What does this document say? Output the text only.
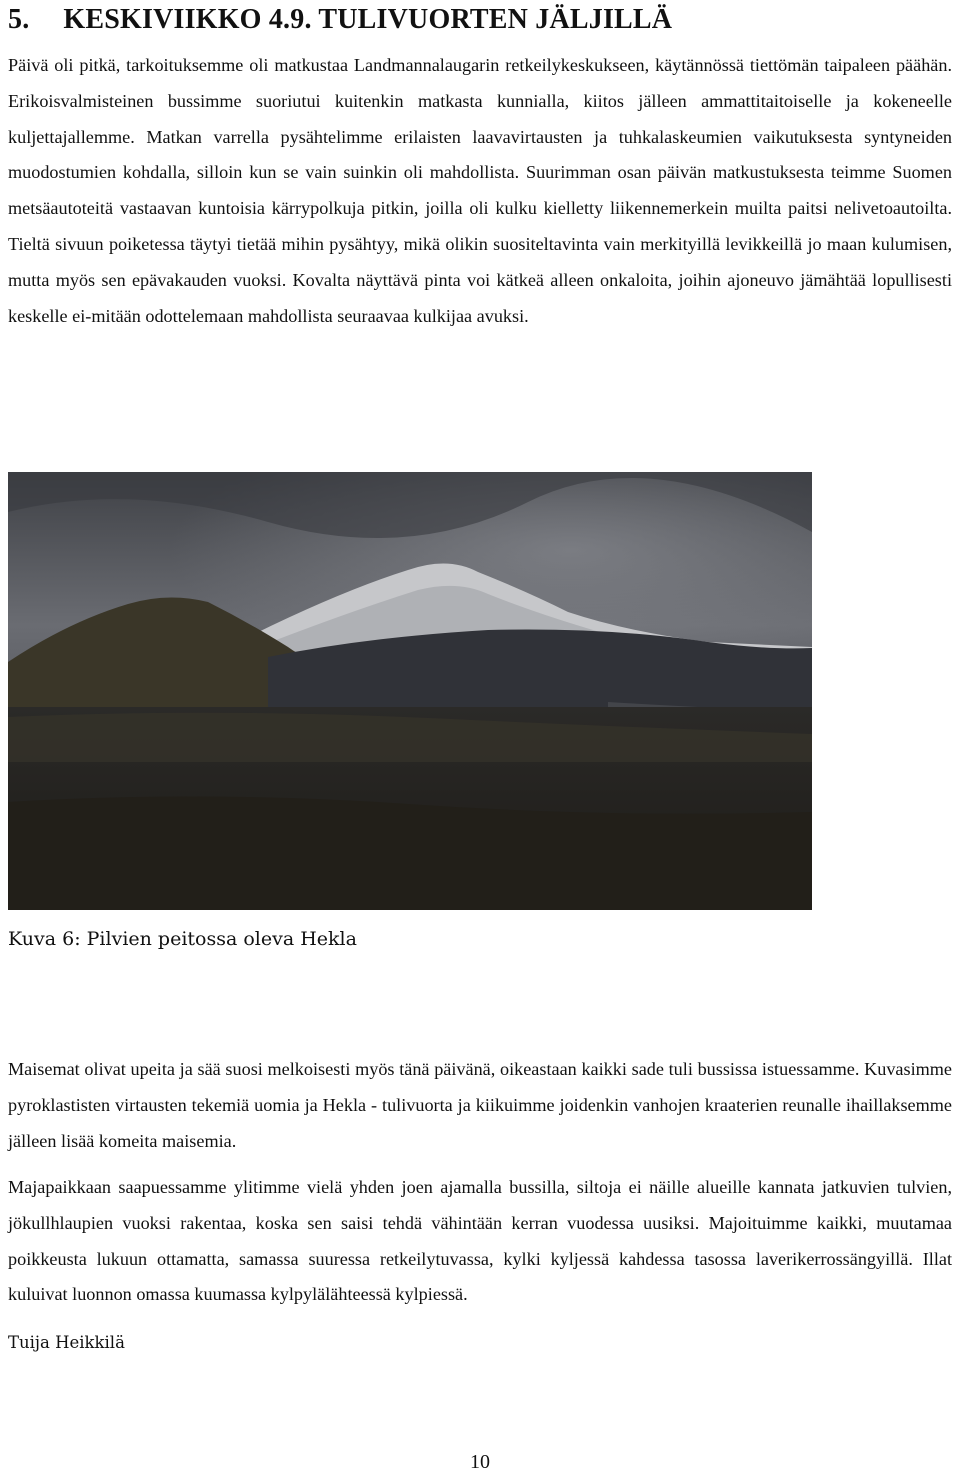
5. KESKIVIIKKO 4.9. TULIVUORTEN JÄLJILLÄ

Päivä oli pitkä, tarkoituksemme oli matkustaa Landmannalaugarin retkeilykeskukseen, käytännössä tiettömän taipaleen päähän. Erikoisvalmisteinen bussimme suoriutui kuitenkin matkasta kunnialla, kiitos jälleen ammattitaitoiselle ja kokeneelle kuljettajallemme. Matkan varrella pysähtelimme erilaisten laavavirtausten ja tuhkalaskeumien vaikutuksesta syntyneiden muodostumien kohdalla, silloin kun se vain suinkin oli mahdollista. Suurimman osan päivän matkustuksesta teimme Suomen metsäautoteitä vastaavan kuntoisia kärrypolkuja pitkin, joilla oli kulku kielletty liikennemerkein muilta paitsi nelivetoautoilta. Tieltä sivuun poiketessa täytyi tietää mihin pysähtyy, mikä olikin suositeltavinta vain merkityillä levikkeillä jo maan kulumisen, mutta myös sen epävakauden vuoksi. Kovalta näyttävä pinta voi kätkeä alleen onkaloita, joihin ajoneuvo jämähtää lopullisesti keskelle ei-mitään odottelemaan mahdollista seuraavaa kulkijaa avuksi.

Kuva 6: Pilvien peitossa oleva Hekla

Maisemat olivat upeita ja sää suosi melkoisesti myös tänä päivänä, oikeastaan kaikki sade tuli bussissa istuessamme. Kuvasimme pyroklastisten virtausten tekemiä uomia ja Hekla - tulivuorta ja kiikuimme joidenkin vanhojen kraaterien reunalle ihaillaksemme jälleen lisää komeita maisemia.

Majapaikkaan saapuessamme ylitimme vielä yhden joen ajamalla bussilla, siltoja ei näille alueille kannata jatkuvien tulvien, jökullhlaupien vuoksi rakentaa, koska sen saisi tehdä vähintään kerran vuodessa uusiksi. Majoituimme kaikki, muutamaa poikkeusta lukuun ottamatta, samassa suuressa retkeilytuvassa, kylki kyljessä kahdessa tasossa laverikerrossängyillä. Illat kuluivat luonnon omassa kuumassa kylpylälähteessä kylpiessä.

Tuija Heikkilä

10
